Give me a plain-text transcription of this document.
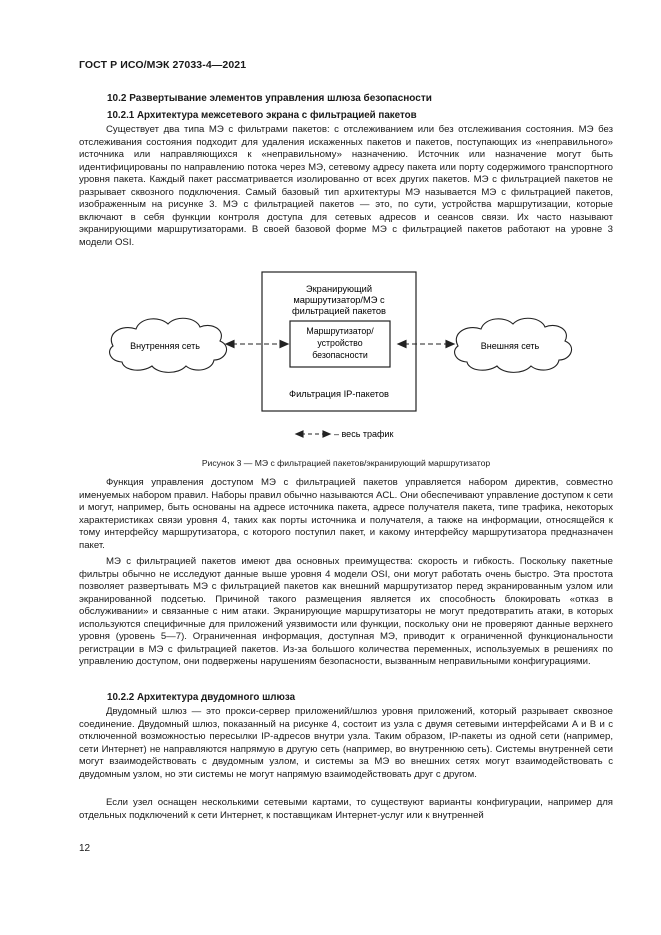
ГОСТ Р ИСО/МЭК 27033-4—2021
10.2 Развертывание элементов управления шлюза безопасности
10.2.1 Архитектура межсетевого экрана с фильтрацией пакетов

Существует два типа МЭ с фильтрами пакетов: с отслеживанием или без отслеживания состояния. МЭ без отслеживания состояния подходит для удаления искаженных пакетов и пакетов, поступающих из «неправильного» источника или направляющихся к «неправильному» назначению. Источник или назначение могут быть идентифицированы по направлению потока через МЭ, сетевому адресу пакета или порту содержимого транспортного уровня пакета. Каждый пакет рассматривается изолированно от всех других пакетов. МЭ с фильтрацией пакетов не разрывает сквозного подключения. Самый базовый тип архитектуры МЭ называется МЭ с фильтрацией пакетов, изображенным на рисунке 3. МЭ с фильтрацией пакетов — это, по сути, устройства маршрутизации, которые включают в себя функции контроля доступа для сетевых адресов и сеансов связи. Их часто называют экранирующими маршрутизаторами. В своей базовой форме МЭ с фильтрацией пакетов работают на уровне 3 модели OSI.

Экранирующий
маршрутизатор/МЭ с
фильтрацией пакетов
Маршрутизатор/
устройство
безопасности
Фильтрация IP-пакетов
Внутренняя сеть	Внешняя сеть
– весь трафик
Рисунок 3 — МЭ с фильтрацией пакетов/экранирующий маршрутизатор

Функция управления доступом МЭ с фильтрацией пакетов управляется набором директив, совместно именуемых набором правил. Наборы правил обычно называются ACL. Они обеспечивают управление доступом к сети и могут, например, быть основаны на адресе источника пакета, адресе получателя пакета, типе трафика, некоторых характеристиках связи уровня 4, таких как порты источника и получателя, а также на информации, относящейся к тому интерфейсу маршрутизатора, с которого поступил пакет, и какому интерфейсу маршрутизатора предназначен пакет.

МЭ с фильтрацией пакетов имеют два основных преимущества: скорость и гибкость. Поскольку пакетные фильтры обычно не исследуют данные выше уровня 4 модели OSI, они могут работать очень быстро. Эта простота позволяет развертывать МЭ с фильтрацией пакетов как внешний маршрутизатор перед экранированным узлом или экранированной подсетью. Причиной такого размещения является их способность блокировать «отказ в обслуживании» и связанные с ним атаки. Экранирующие маршрутизаторы не могут предотвратить атаки, в которых используются специфичные для приложений уязвимости или функции, поскольку они не проверяют данные верхнего уровня (уровень 5—7). Ограниченная информация, доступная МЭ, приводит к ограниченной функциональности регистрации в МЭ с фильтрацией пакетов. Из-за большого количества переменных, используемых в решениях по управлению доступом, они подвержены нарушениям безопасности, вызванным неправильными конфигурациями.

10.2.2 Архитектура двудомного шлюза

Двудомный шлюз — это прокси-сервер приложений/шлюз уровня приложений, который разрывает сквозное соединение. Двудомный шлюз, показанный на рисунке 4, состоит из узла с двумя сетевыми интерфейсами A и B и с отключенной возможностью пересылки IP-адресов внутри узла. Таким образом, IP-пакеты из одной сети (например, сети Интернет) не направляются напрямую в другую сеть (например, во внутреннюю сеть). Системы внутренней сети могут взаимодействовать с двудомным узлом, и системы за МЭ во внешних сетях могут взаимодействовать с двудомным узлом, но эти системы не могут напрямую взаимодействовать друг с другом.

Если узел оснащен несколькими сетевыми картами, то существуют варианты конфигурации, например для отдельных подключений к сети Интернет, к поставщикам Интернет-услуг или к внутренней

12
